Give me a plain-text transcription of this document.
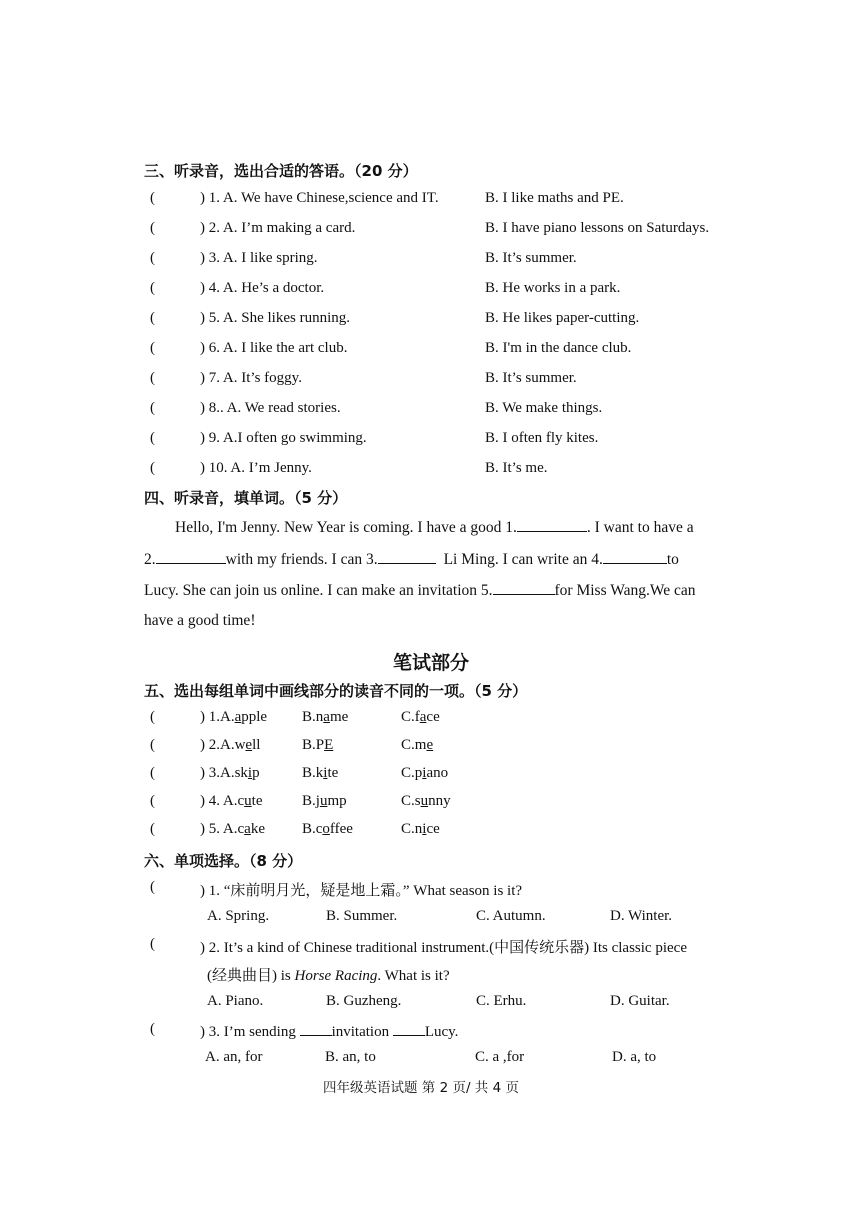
三、听录音，选出合适的答语。（20 分）
(	) 1. A. We have Chinese,science and IT.	B. I like maths and PE.
(	) 2. A. I’m making a card.	B. I have piano lessons on Saturdays.
(	) 3. A. I like spring.	B. It’s summer.
(	) 4. A. He’s a doctor.	B. He works in a park.
(	) 5. A. She likes running.	B. He likes paper-cutting.
(	) 6. A. I like the art club.	B. I'm in the dance club.
(	) 7. A. It’s foggy.	B. It’s summer.
(	) 8.. A. We read stories.	B. We make things.
(	) 9. A.I often go swimming.	B. I often fly kites.
(	) 10. A. I’m Jenny.	B. It’s me.
四、听录音，填单词。（5 分）
Hello, I'm Jenny. New Year is coming. I have a good 1.	. I want to have a
2.	with my friends. I can 3.	Li Ming. I can write an 4.	to
Lucy. She can join us online. I can make an invitation 5.	for Miss Wang.We can
have a good time!
笔试部分
五、选出每组单词中画线部分的读音不同的一项。（5 分）
(	) 1.A.apple B.name	C.face
(	) 2.A.well	B.PE	C.me
(	) 3.A.skip	B.kite	C.piano
(	) 4. A.cute	B.jump	C.sunny
(	) 5. A.cake B.coffee	C.nice
六、单项选择。（8 分）
(	) 1. “床前明月光，疑是地上霜。” What season is it?
A. Spring.	B. Summer.	C. Autumn.	D. Winter.
(	) 2. It’s a kind of Chinese traditional instrument.(中国传统乐器) Its classic piece
(经典曲目) is Horse Racing. What is it?
A. Piano.	B. Guzheng.	C. Erhu.	D. Guitar.
(	) 3. I’m sending invitation Lucy.
A. an, for	B. an, to	C. a ,for	D. a, to
四年级英语试题 第 2 页/ 共 4 页
